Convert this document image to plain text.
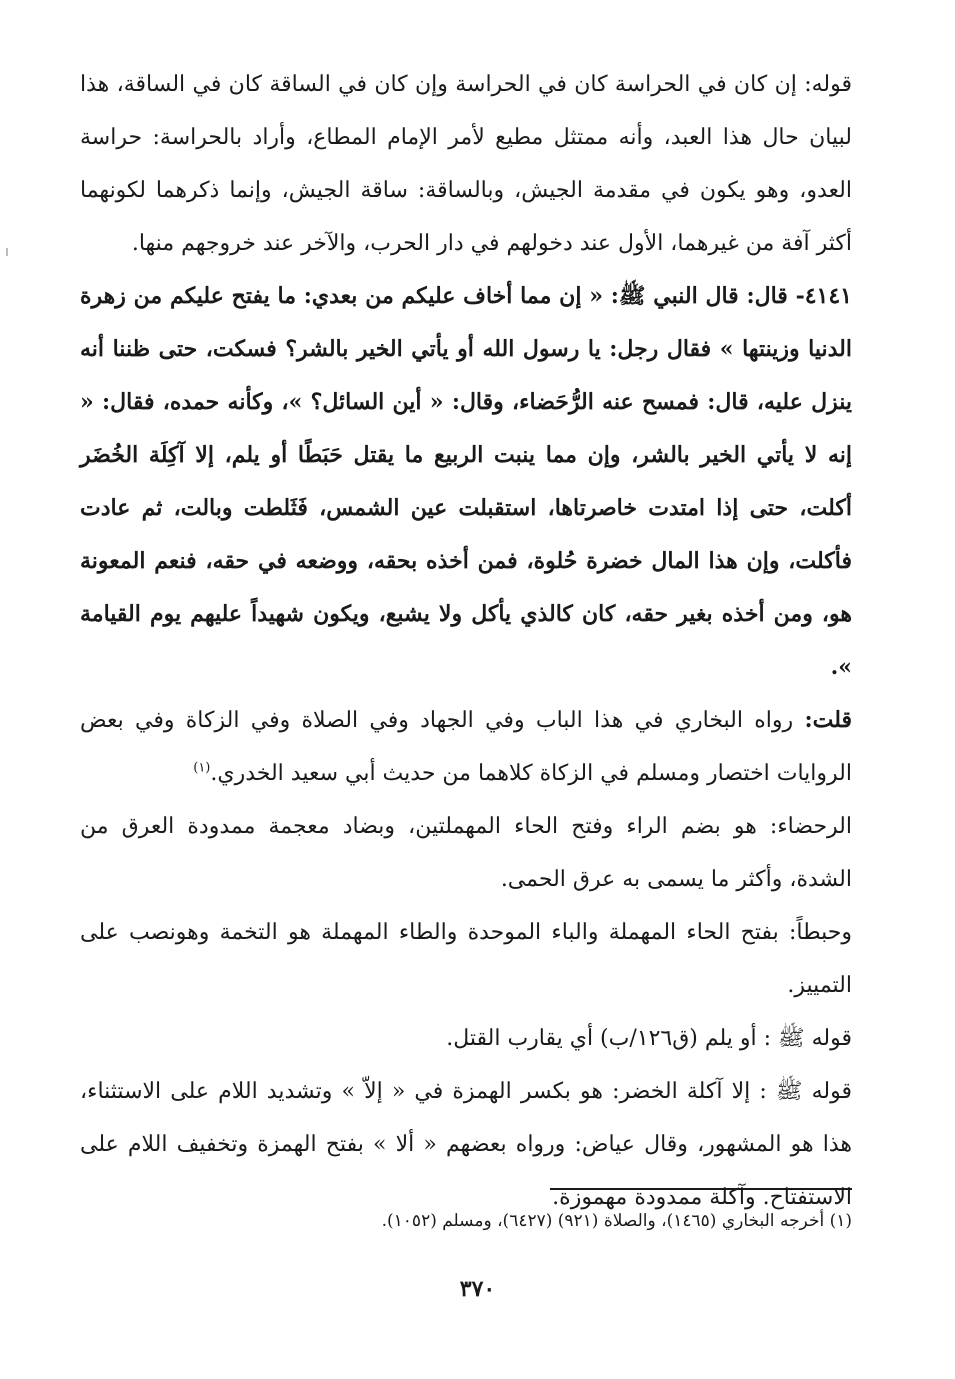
قوله: إن كان في الحراسة كان في الحراسة وإن كان في الساقة كان في الساقة، هذا لبيان حال هذا العبد، وأنه ممتثل مطيع لأمر الإمام المطاع، وأراد بالحراسة: حراسة العدو، وهو يكون في مقدمة الجيش، وبالساقة: ساقة الجيش، وإنما ذكرهما لكونهما أكثر آفة من غيرهما، الأول عند دخولهم في دار الحرب، والآخر عند خروجهم منها.

٤١٤١- قال: قال النبي ﷺ: « إن مما أخاف عليكم من بعدي: ما يفتح عليكم من زهرة الدنيا وزينتها » فقال رجل: يا رسول الله أو يأتي الخير بالشر؟ فسكت، حتى ظننا أنه ينزل عليه، قال: فمسح عنه الرُّحَضاء، وقال: « أين السائل؟ »، وكأنه حمده، فقال: « إنه لا يأتي الخير بالشر، وإن مما ينبت الربيع ما يقتل حَبَطًا أو يلم، إلا آكِلَة الخُضَر أكلت، حتى إذا امتدت خاصرتاها، استقبلت عين الشمس، فَثَلطت وبالت، ثم عادت فأكلت، وإن هذا المال خضرة حُلوة، فمن أخذه بحقه، ووضعه في حقه، فنعم المعونة هو، ومن أخذه بغير حقه، كان كالذي يأكل ولا يشبع، ويكون شهيداً عليهم يوم القيامة ».

قلت: رواه البخاري في هذا الباب وفي الجهاد وفي الصلاة وفي الزكاة وفي بعض الروايات اختصار ومسلم في الزكاة كلاهما من حديث أبي سعيد الخدري.$^{(١)}$

الرحضاء: هو بضم الراء وفتح الحاء المهملتين، وبضاد معجمة ممدودة العرق من الشدة، وأكثر ما يسمى به عرق الحمى.

وحبطاً: بفتح الحاء المهملة والباء الموحدة والطاء المهملة هو التخمة وهونصب على التمييز.

قوله ﷺ : أو يلم (ق١٢٦/ب) أي يقارب القتل.

قوله ﷺ : إلا آكلة الخضر: هو بكسر الهمزة في « إلاّ » وتشديد اللام على الاستثناء، هذا هو المشهور، وقال عياض: ورواه بعضهم « ألا » بفتح الهمزة وتخفيف اللام على الاستفتاح. وآكلة ممدودة مهموزة.

(١) أخرجه البخاري (١٤٦٥)، والصلاة (٩٢١) (٦٤٢٧)، ومسلم (١٠٥٢).
٣٧٠
